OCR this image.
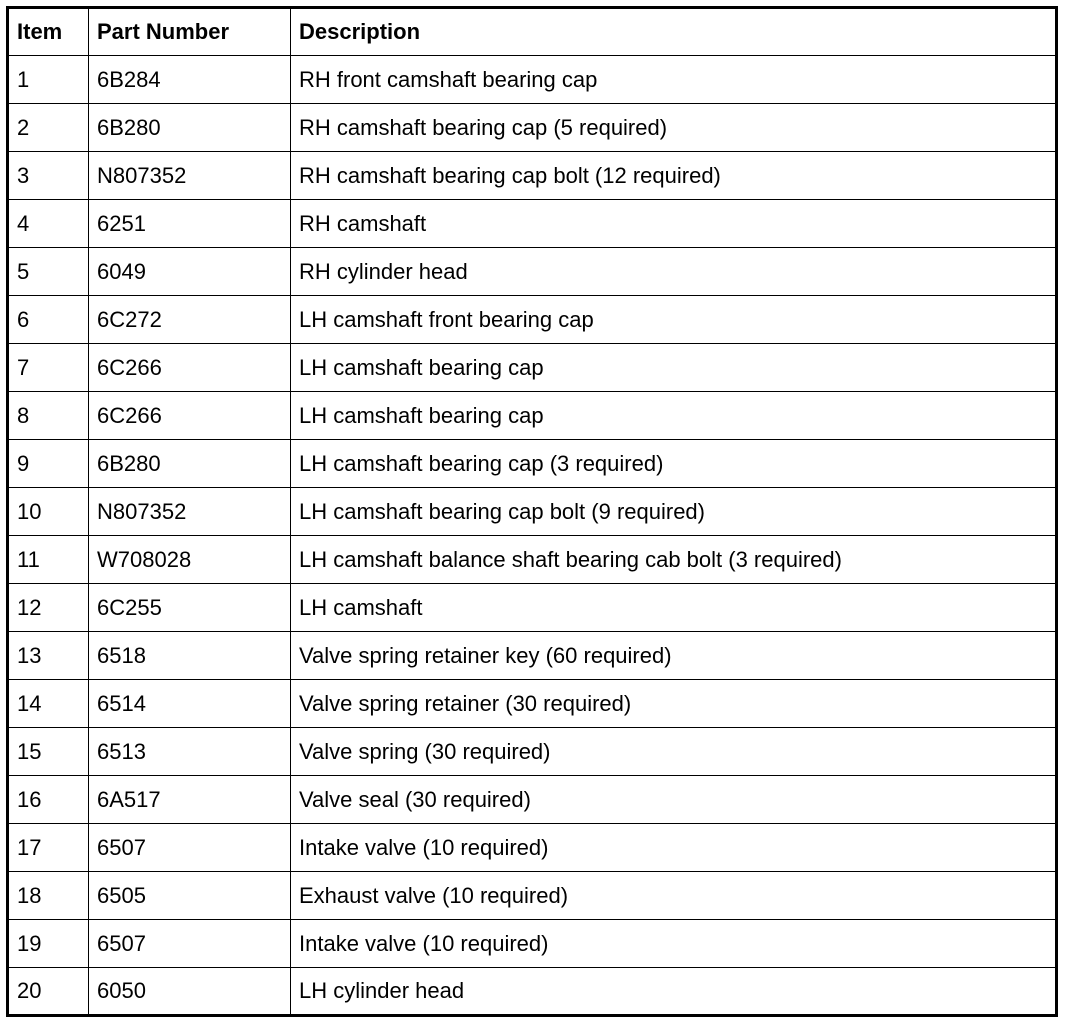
Item	Part Number	Description
1	6B284	RH front camshaft bearing cap
2	6B280	RH camshaft bearing cap (5 required)
3	N807352	RH camshaft bearing cap bolt (12 required)
4	6251	RH camshaft
5	6049	RH cylinder head
6	6C272	LH camshaft front bearing cap
7	6C266	LH camshaft bearing cap
8	6C266	LH camshaft bearing cap
9	6B280	LH camshaft bearing cap (3 required)
10	N807352	LH camshaft bearing cap bolt (9 required)
11	W708028	LH camshaft balance shaft bearing cab bolt (3 required)
12	6C255	LH camshaft
13	6518	Valve spring retainer key (60 required)
14	6514	Valve spring retainer (30 required)
15	6513	Valve spring (30 required)
16	6A517	Valve seal (30 required)
17	6507	Intake valve (10 required)
18	6505	Exhaust valve (10 required)
19	6507	Intake valve (10 required)
20	6050	LH cylinder head
